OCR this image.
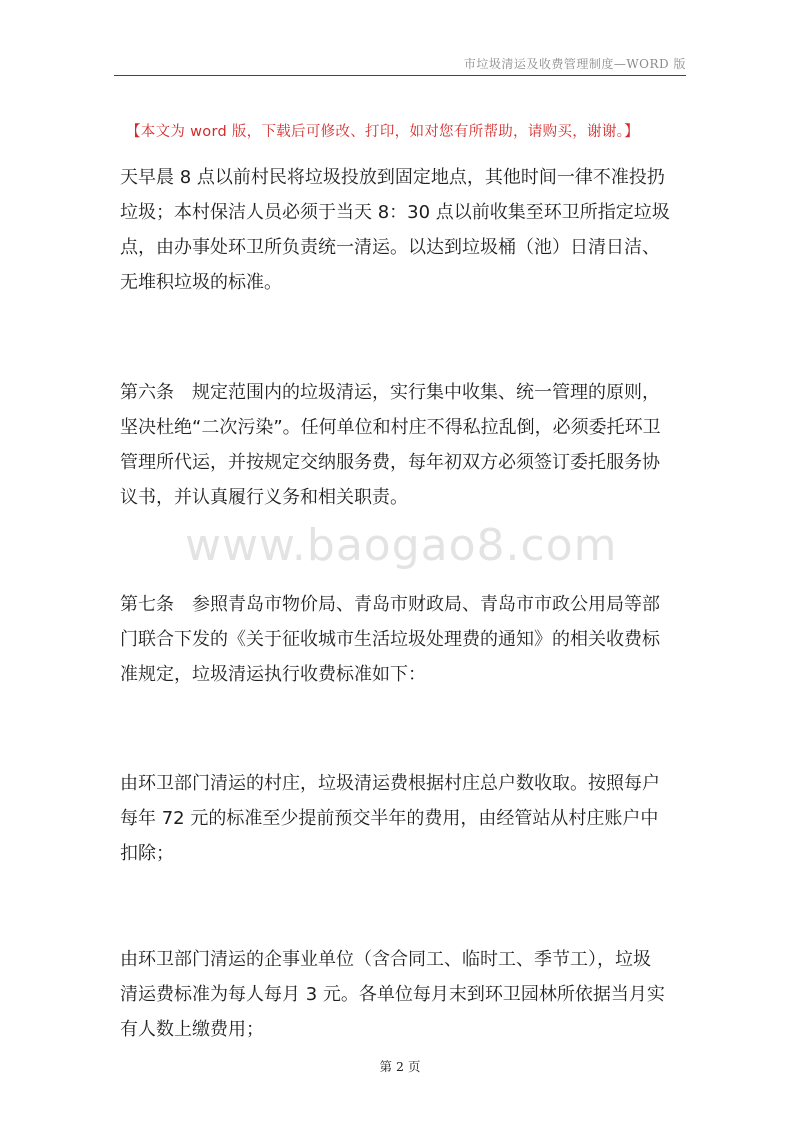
市垃圾清运及收费管理制度—WORD 版
【本文为 word 版，下载后可修改、打印，如对您有所帮助，请购买，谢谢。】
www.baogao8.com
天早晨 8 点以前村民将垃圾投放到固定地点，其他时间一律不准投扔
垃圾；本村保洁人员必须于当天 8：30 点以前收集至环卫所指定垃圾
点，由办事处环卫所负责统一清运。以达到垃圾桶（池）日清日洁、
无堆积垃圾的标准。
第六条　规定范围内的垃圾清运，实行集中收集、统一管理的原则，
坚决杜绝“二次污染”。任何单位和村庄不得私拉乱倒，必须委托环卫
管理所代运，并按规定交纳服务费，每年初双方必须签订委托服务协
议书，并认真履行义务和相关职责。
第七条　参照青岛市物价局、青岛市财政局、青岛市市政公用局等部
门联合下发的《关于征收城市生活垃圾处理费的通知》的相关收费标
准规定，垃圾清运执行收费标准如下：
由环卫部门清运的村庄，垃圾清运费根据村庄总户数收取。按照每户
每年 72 元的标准至少提前预交半年的费用，由经管站从村庄账户中
扣除；
由环卫部门清运的企事业单位（含合同工、临时工、季节工），垃圾
清运费标准为每人每月 3 元。各单位每月末到环卫园林所依据当月实
有人数上缴费用；
第 2 页
